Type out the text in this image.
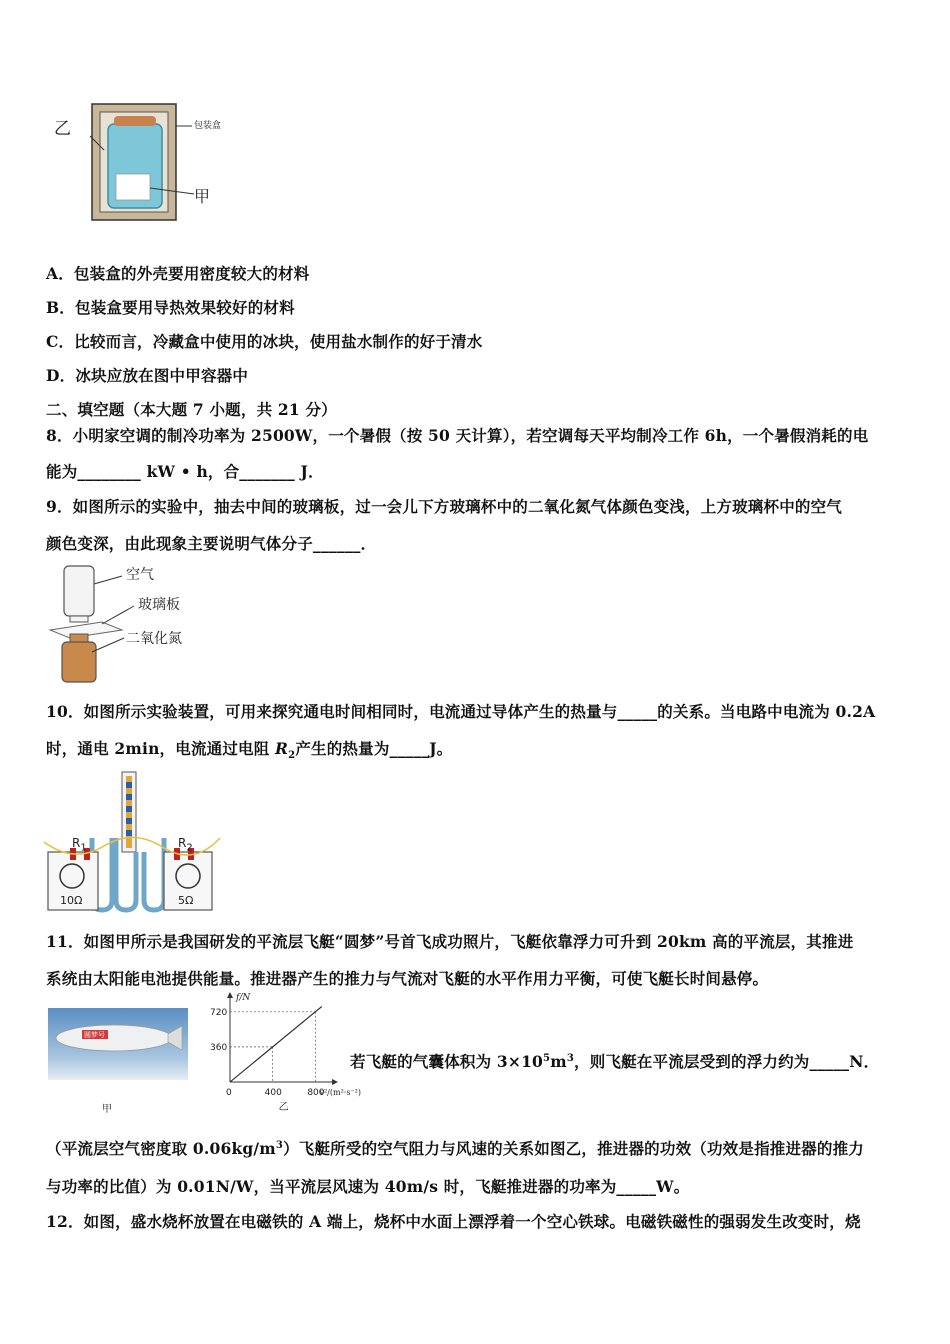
乙
甲
包装盒
A．包装盒的外壳要用密度较大的材料
B．包装盒要用导热效果较好的材料
C．比较而言，冷藏盒中使用的冰块，使用盐水制作的好于清水
D．冰块应放在图中甲容器中
二、填空题（本大题 7 小题，共 21 分）
8．小明家空调的制冷功率为 2500W，一个暑假（按 50 天计算），若空调每天平均制冷工作 6h，一个暑假消耗的电
能为________ kW • h，合_______ J．
9．如图所示的实验中，抽去中间的玻璃板，过一会儿下方玻璃杯中的二氧化氮气体颜色变浅，上方玻璃杯中的空气
颜色变深，由此现象主要说明气体分子______．
空气
玻璃板
二氧化氮
10．如图所示实验装置，可用来探究通电时间相同时，电流通过导体产生的热量与_____的关系。当电路中电流为 0.2A
时，通电 2min，电流通过电阻 $R_2$产生的热量为_____J。
$R_1$	$R_2$
10Ω	5Ω
11．如图甲所示是我国研发的平流层飞艇“圆梦”号首飞成功照片，飞艇依靠浮力可升到 20km 高的平流层，其推进
系统由太阳能电池提供能量。推进器产生的推力与气流对飞艇的水平作用力平衡，可使飞艇长时间悬停。
圆梦号
甲
0	400	800
360
720
f/N
v²/(m²·s⁻²)
乙
若飞艇的气囊体积为 $3\times 10^5m^3$，则飞艇在平流层受到的浮力约为_____N．
（平流层空气密度取 $0.06kg/m^3$）飞艇所受的空气阻力与风速的关系如图乙，推进器的功效（功效是指推进器的推力
与功率的比值）为 0.01N/W，当平流层风速为 40m/s 时，飞艇推进器的功率为_____W。
12．如图，盛水烧杯放置在电磁铁的 A 端上，烧杯中水面上漂浮着一个空心铁球。电磁铁磁性的强弱发生改变时，烧
